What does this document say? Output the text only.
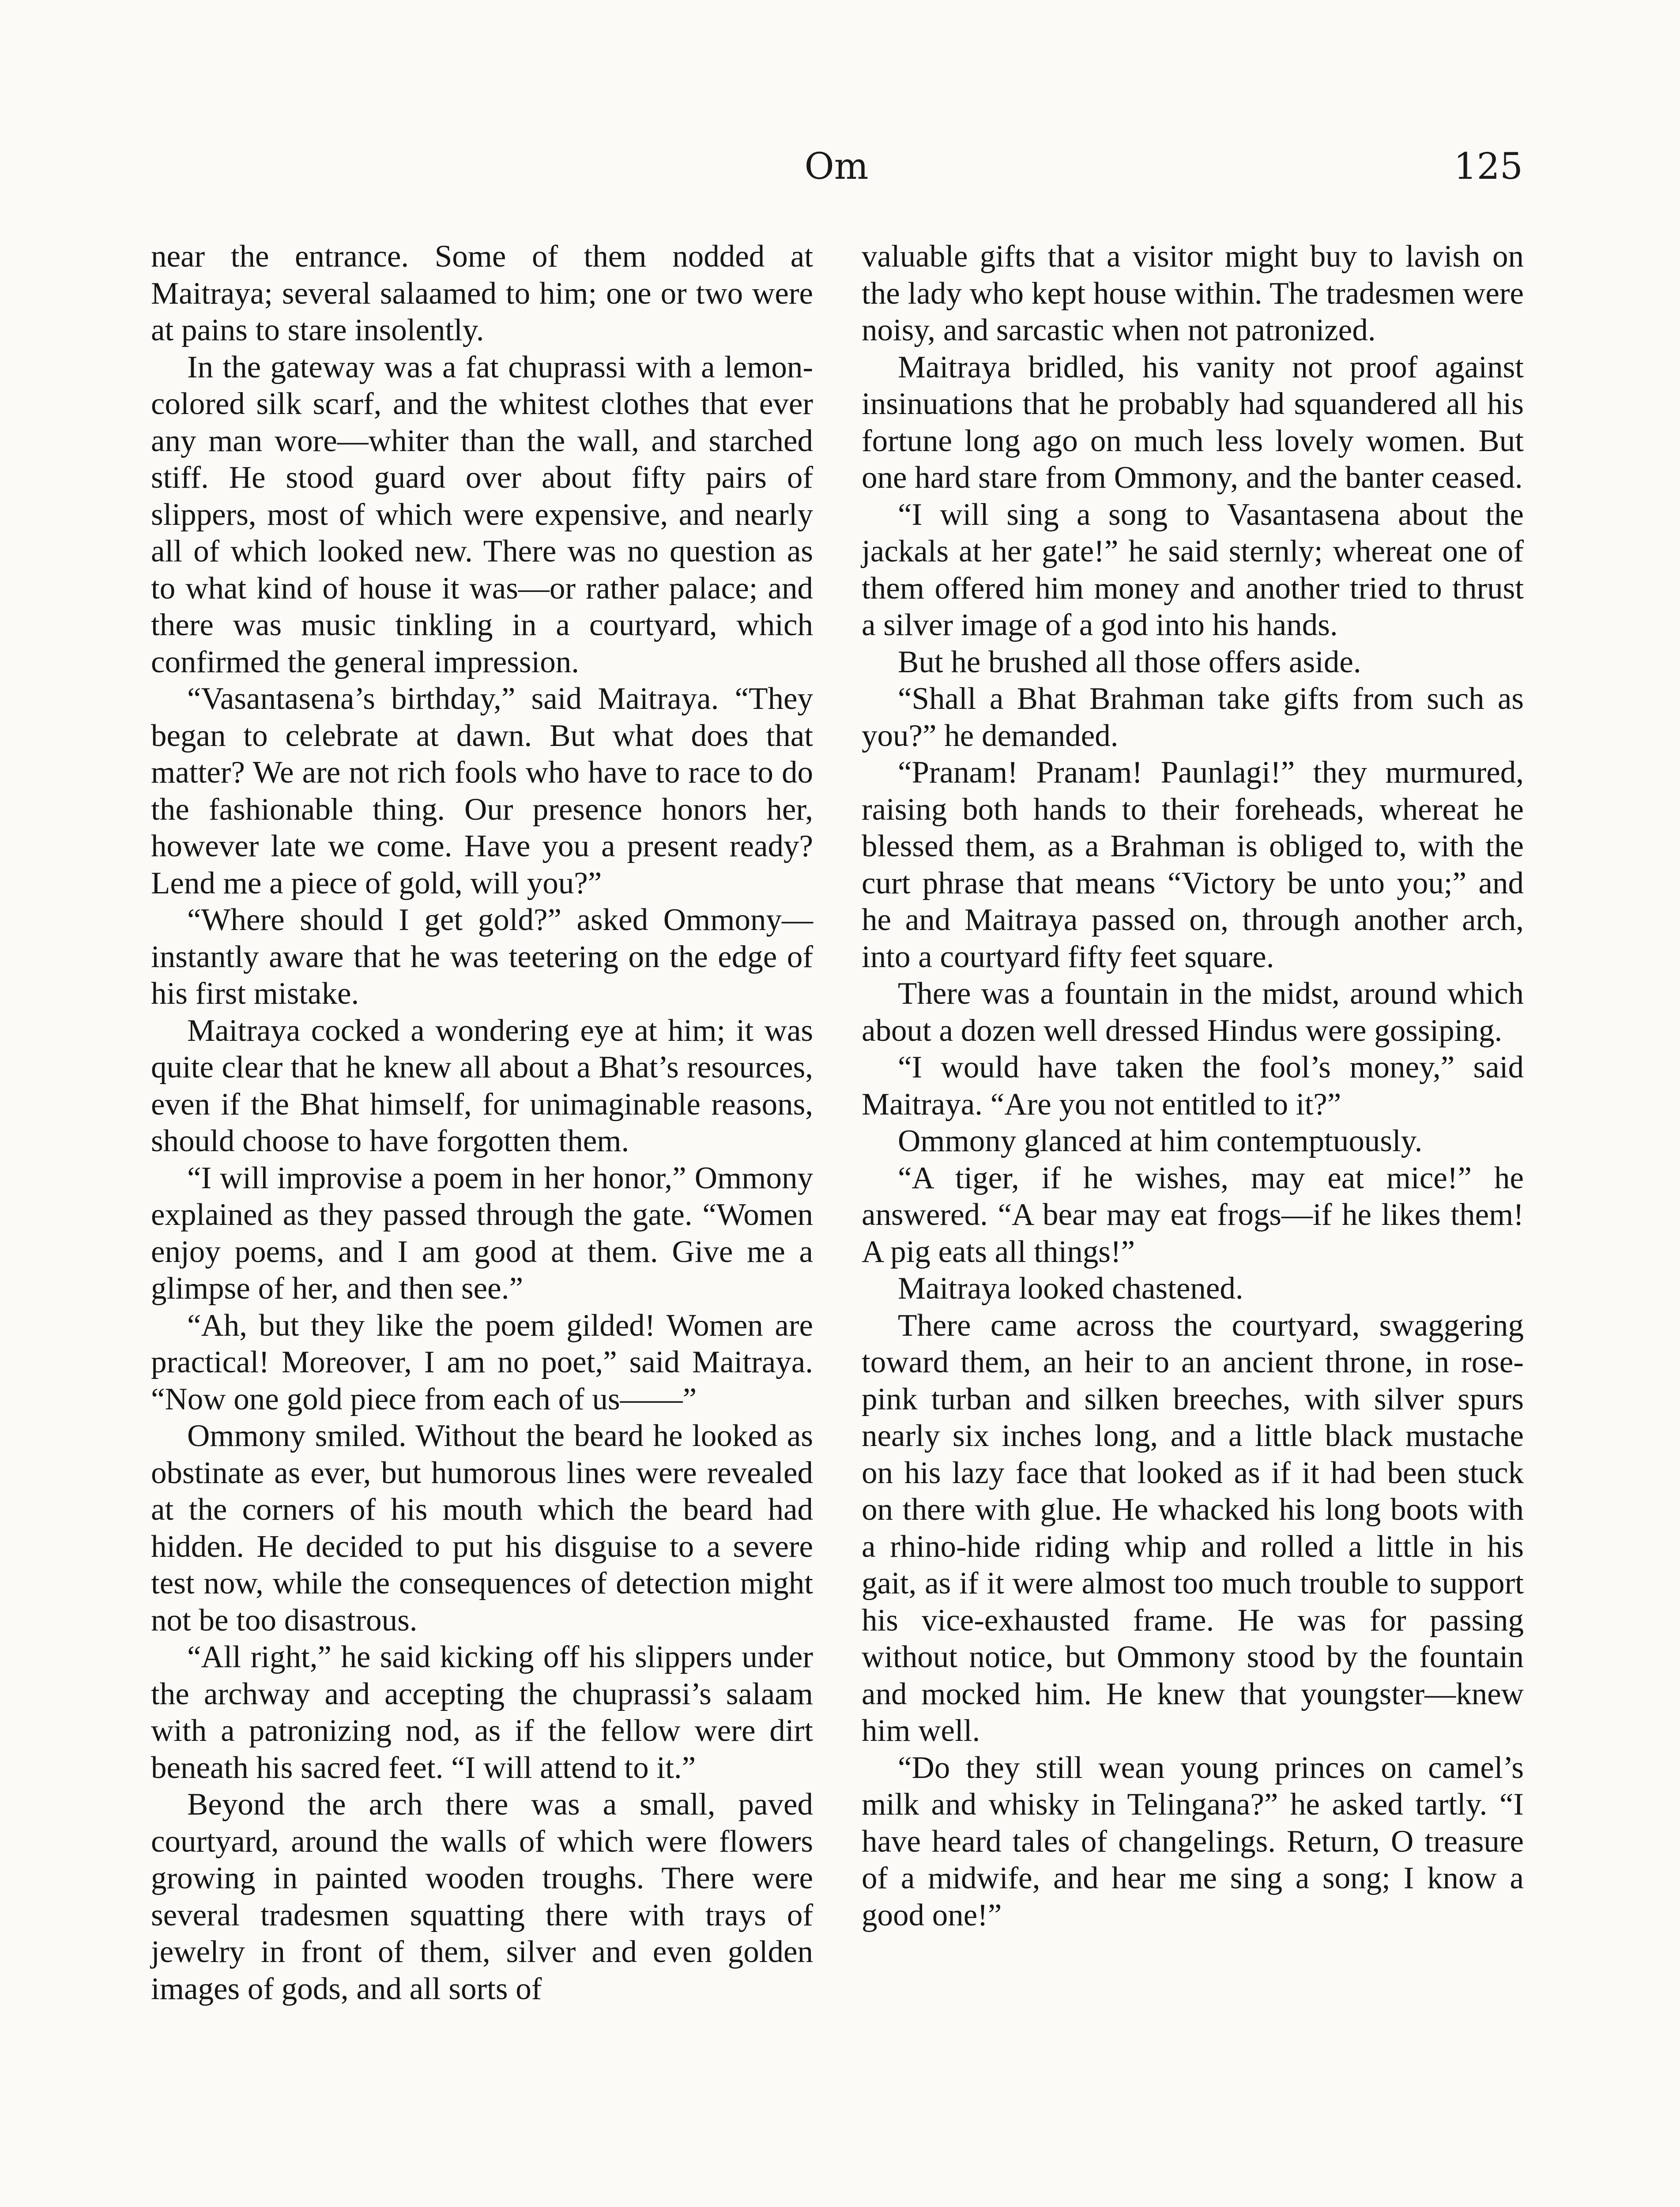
Om	125

near the entrance. Some of them nodded at Maitraya; several salaamed to him; one or two were at pains to stare insolently.

In the gateway was a fat chuprassi with a lemon-colored silk scarf, and the whitest clothes that ever any man wore—whiter than the wall, and starched stiff. He stood guard over about fifty pairs of slippers, most of which were expensive, and nearly all of which looked new. There was no question as to what kind of house it was—or rather palace; and there was music tinkling in a courtyard, which confirmed the general impression.

“Vasantasena’s birthday,” said Maitraya. “They began to celebrate at dawn. But what does that matter? We are not rich fools who have to race to do the fashionable thing. Our presence honors her, however late we come. Have you a present ready? Lend me a piece of gold, will you?”

“Where should I get gold?” asked Ommony—instantly aware that he was teetering on the edge of his first mistake.

Maitraya cocked a wondering eye at him; it was quite clear that he knew all about a Bhat’s resources, even if the Bhat himself, for unimaginable reasons, should choose to have forgotten them.

“I will improvise a poem in her honor,” Ommony explained as they passed through the gate. “Women enjoy poems, and I am good at them. Give me a glimpse of her, and then see.”

“Ah, but they like the poem gilded! Women are practical! Moreover, I am no poet,” said Maitraya. “Now one gold piece from each of us——”

Ommony smiled. Without the beard he looked as obstinate as ever, but humorous lines were revealed at the corners of his mouth which the beard had hidden. He decided to put his disguise to a severe test now, while the consequences of detection might not be too disastrous.

“All right,” he said kicking off his slippers under the archway and accepting the chuprassi’s salaam with a patronizing nod, as if the fellow were dirt beneath his sacred feet. “I will attend to it.”

Beyond the arch there was a small, paved courtyard, around the walls of which were flowers growing in painted wooden troughs. There were several tradesmen squatting there with trays of jewelry in front of them, silver and even golden images of gods, and all sorts of

valuable gifts that a visitor might buy to lavish on the lady who kept house within. The tradesmen were noisy, and sarcastic when not patronized.

Maitraya bridled, his vanity not proof against insinuations that he probably had squandered all his fortune long ago on much less lovely women. But one hard stare from Ommony, and the banter ceased.

“I will sing a song to Vasantasena about the jackals at her gate!” he said sternly; whereat one of them offered him money and another tried to thrust a silver image of a god into his hands.

But he brushed all those offers aside.

“Shall a Bhat Brahman take gifts from such as you?” he demanded.

“Pranam! Pranam! Paunlagi!” they murmured, raising both hands to their foreheads, whereat he blessed them, as a Brahman is obliged to, with the curt phrase that means “Victory be unto you;” and he and Maitraya passed on, through another arch, into a courtyard fifty feet square.

There was a fountain in the midst, around which about a dozen well dressed Hindus were gossiping.

“I would have taken the fool’s money,” said Maitraya. “Are you not entitled to it?”

Ommony glanced at him contemptuously.

“A tiger, if he wishes, may eat mice!” he answered. “A bear may eat frogs—if he likes them! A pig eats all things!”

Maitraya looked chastened.

There came across the courtyard, swaggering toward them, an heir to an ancient throne, in rose-pink turban and silken breeches, with silver spurs nearly six inches long, and a little black mustache on his lazy face that looked as if it had been stuck on there with glue. He whacked his long boots with a rhino-hide riding whip and rolled a little in his gait, as if it were almost too much trouble to support his vice-exhausted frame. He was for passing without notice, but Ommony stood by the fountain and mocked him. He knew that youngster—knew him well.

“Do they still wean young princes on camel’s milk and whisky in Telingana?” he asked tartly. “I have heard tales of changelings. Return, O treasure of a midwife, and hear me sing a song; I know a good one!”
